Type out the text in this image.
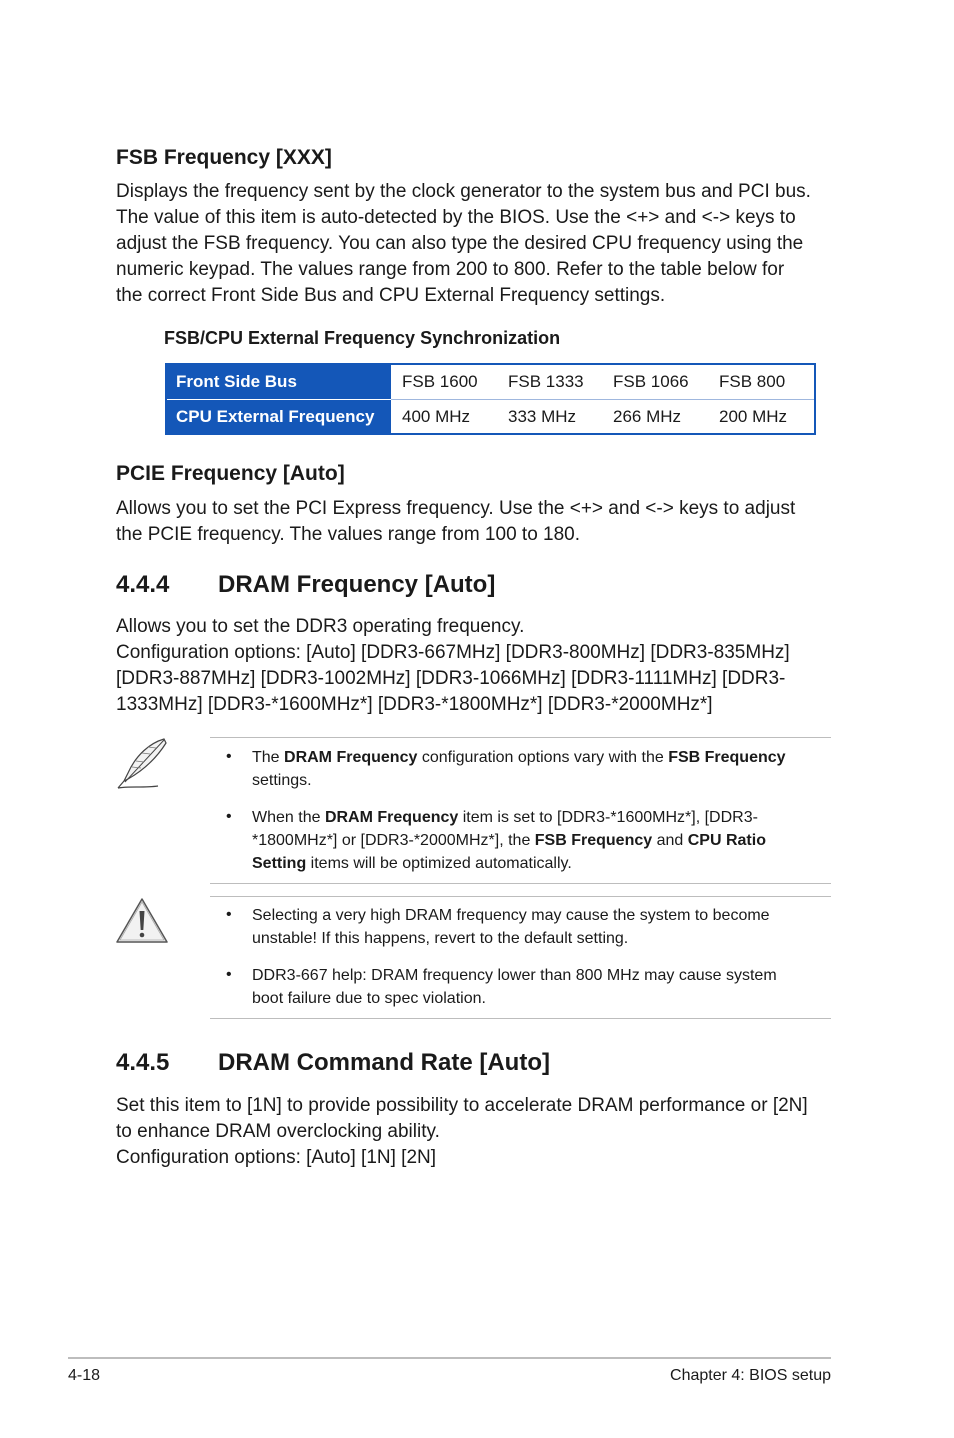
FSB Frequency [XXX]
Displays the frequency sent by the clock generator to the system bus and PCI bus.
The value of this item is auto-detected by the BIOS. Use the <+> and <-> keys to
adjust the FSB frequency. You can also type the desired CPU frequency using the
numeric keypad. The values range from 200 to 800. Refer to the table below for
the correct Front Side Bus and CPU External Frequency settings.
FSB/CPU External Frequency Synchronization
Front Side Bus	FSB 1600 FSB 1333 FSB 1066 FSB 800
CPU External Frequency	400 MHz 333 MHz 266 MHz 200 MHz
PCIE Frequency [Auto]
Allows you to set the PCI Express frequency. Use the <+> and <-> keys to adjust
the PCIE frequency. The values range from 100 to 180.
4.4.4 DRAM Frequency [Auto]
Allows you to set the DDR3 operating frequency.
Configuration options: [Auto] [DDR3-667MHz] [DDR3-800MHz] [DDR3-835MHz]
[DDR3-887MHz] [DDR3-1002MHz] [DDR3-1066MHz] [DDR3-1111MHz] [DDR3-
1333MHz] [DDR3-*1600MHz*] [DDR3-*1800MHz*] [DDR3-*2000MHz*]
• The DRAM Frequency configuration options vary with the FSB Frequency
settings.
• When the DRAM Frequency item is set to [DDR3-*1600MHz*], [DDR3-
*1800MHz*] or [DDR3-*2000MHz*], the FSB Frequency and CPU Ratio
Setting items will be optimized automatically.
• Selecting a very high DRAM frequency may cause the system to become
unstable! If this happens, revert to the default setting.
• DDR3-667 help: DRAM frequency lower than 800 MHz may cause system
boot failure due to spec violation.
4.4.5 DRAM Command Rate [Auto]
Set this item to [1N] to provide possibility to accelerate DRAM performance or [2N]
to enhance DRAM overclocking ability.
Configuration options: [Auto] [1N] [2N]
4-18	Chapter 4: BIOS setup
